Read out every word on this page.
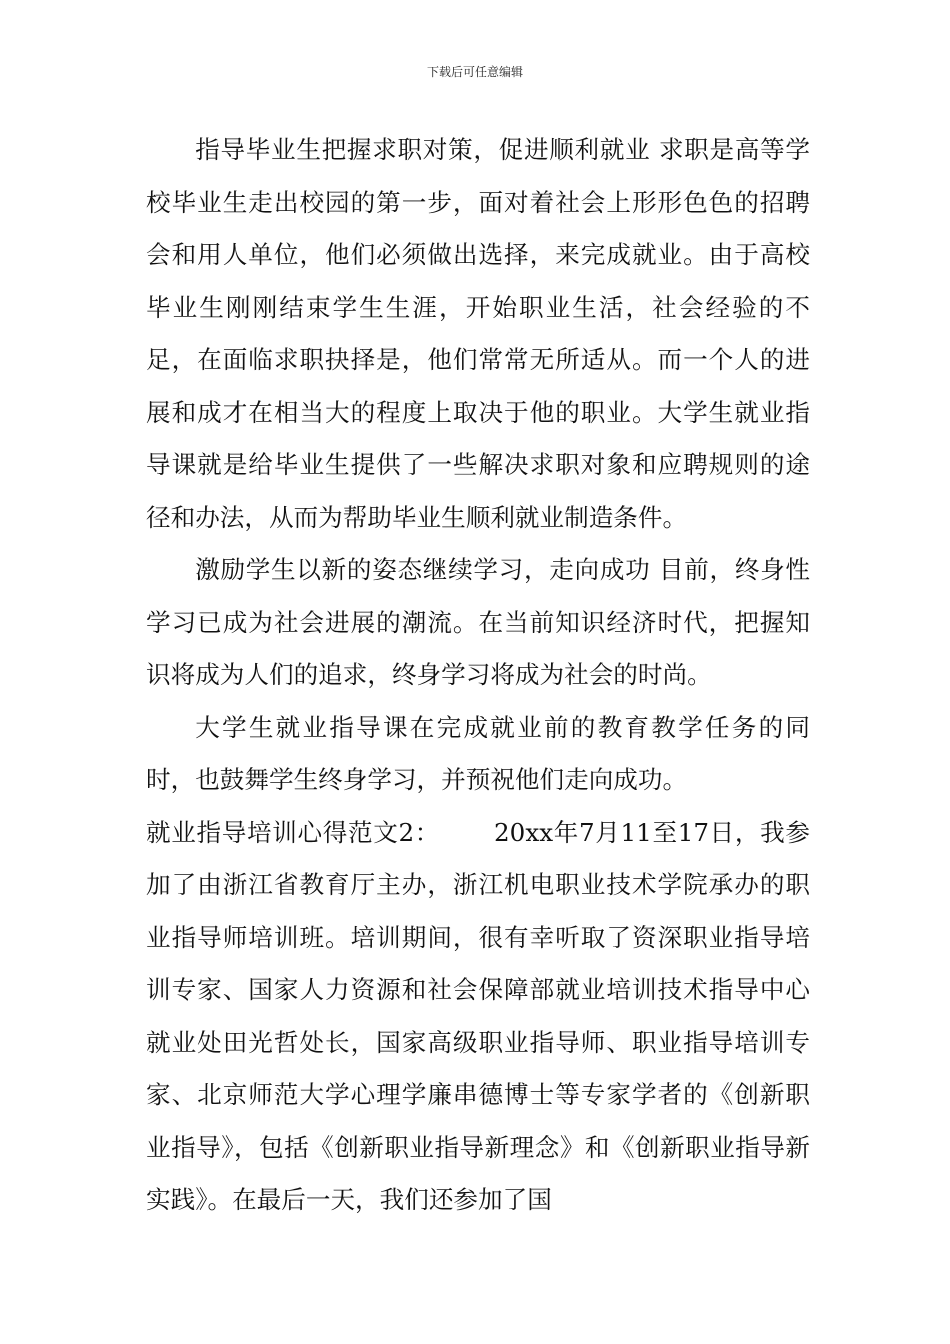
下载后可任意编辑

指导毕业生把握求职对策，促进顺利就业 求职是高等学校毕业生走出校园的第一步，面对着社会上形形色色的招聘会和用人单位，他们必须做出选择，来完成就业。由于高校毕业生刚刚结束学生生涯，开始职业生活，社会经验的不足，在面临求职抉择是，他们常常无所适从。而一个人的进展和成才在相当大的程度上取决于他的职业。大学生就业指导课就是给毕业生提供了一些解决求职对象和应聘规则的途径和办法，从而为帮助毕业生顺利就业制造条件。

激励学生以新的姿态继续学习，走向成功 目前，终身性学习已成为社会进展的潮流。在当前知识经济时代，把握知识将成为人们的追求，终身学习将成为社会的时尚。

大学生就业指导课在完成就业前的教育教学任务的同时，也鼓舞学生终身学习，并预祝他们走向成功。

就业指导培训心得范文2： 20xx年7月11至17日，我参加了由浙江省教育厅主办，浙江机电职业技术学院承办的职业指导师培训班。培训期间，很有幸听取了资深职业指导培训专家、国家人力资源和社会保障部就业培训技术指导中心就业处田光哲处长，国家高级职业指导师、职业指导培训专家、北京师范大学心理学廉串德博士等专家学者的《创新职业指导》，包括《创新职业指导新理念》和《创新职业指导新实践》。在最后一天，我们还参加了国
